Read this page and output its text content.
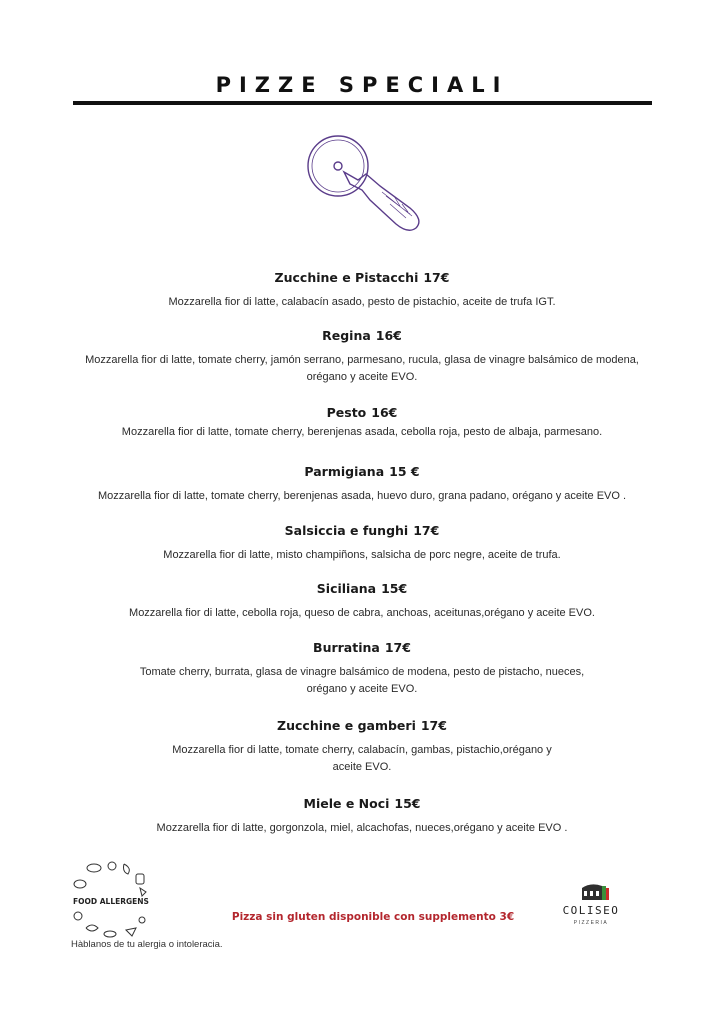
PIZZE SPECIALI
Zucchine e Pistacchi 17€
Mozzarella fior di latte, calabacín asado, pesto de pistachio, aceite de trufa IGT.
Regina 16€
Mozzarella fior di latte, tomate cherry, jamón serrano, parmesano, rucula, glasa de vinagre balsámico de modena, orégano y aceite EVO.
Pesto 16€
Mozzarella fior di latte, tomate cherry, berenjenas asada, cebolla roja, pesto de albaja, parmesano.
Parmigiana 15 €
Mozzarella fior di latte, tomate cherry, berenjenas asada, huevo duro, grana padano, orégano y aceite EVO .
Salsiccia e funghi 17€
Mozzarella fior di latte, misto champiñons, salsicha de porc negre, aceite de trufa.
Siciliana 15€
Mozzarella fior di latte, cebolla roja, queso de cabra, anchoas, aceitunas,orégano y aceite EVO.
Burratina 17€
Tomate cherry, burrata, glasa de vinagre balsámico de modena, pesto de pistacho, nueces, orégano y aceite EVO.
Zucchine e gamberi 17€
Mozzarella fior di latte, tomate cherry, calabacín, gambas, pistachio,orégano y aceite EVO.
Miele e Noci 15€
Mozzarella fior di latte, gorgonzola, miel, alcachofas, nueces,orégano y aceite EVO .
FOOD ALLERGENS
Hàblanos de tu alergia o intoleracia.
Pizza sin gluten disponible con supplemento 3€	COLISEO
PIZZERIA
